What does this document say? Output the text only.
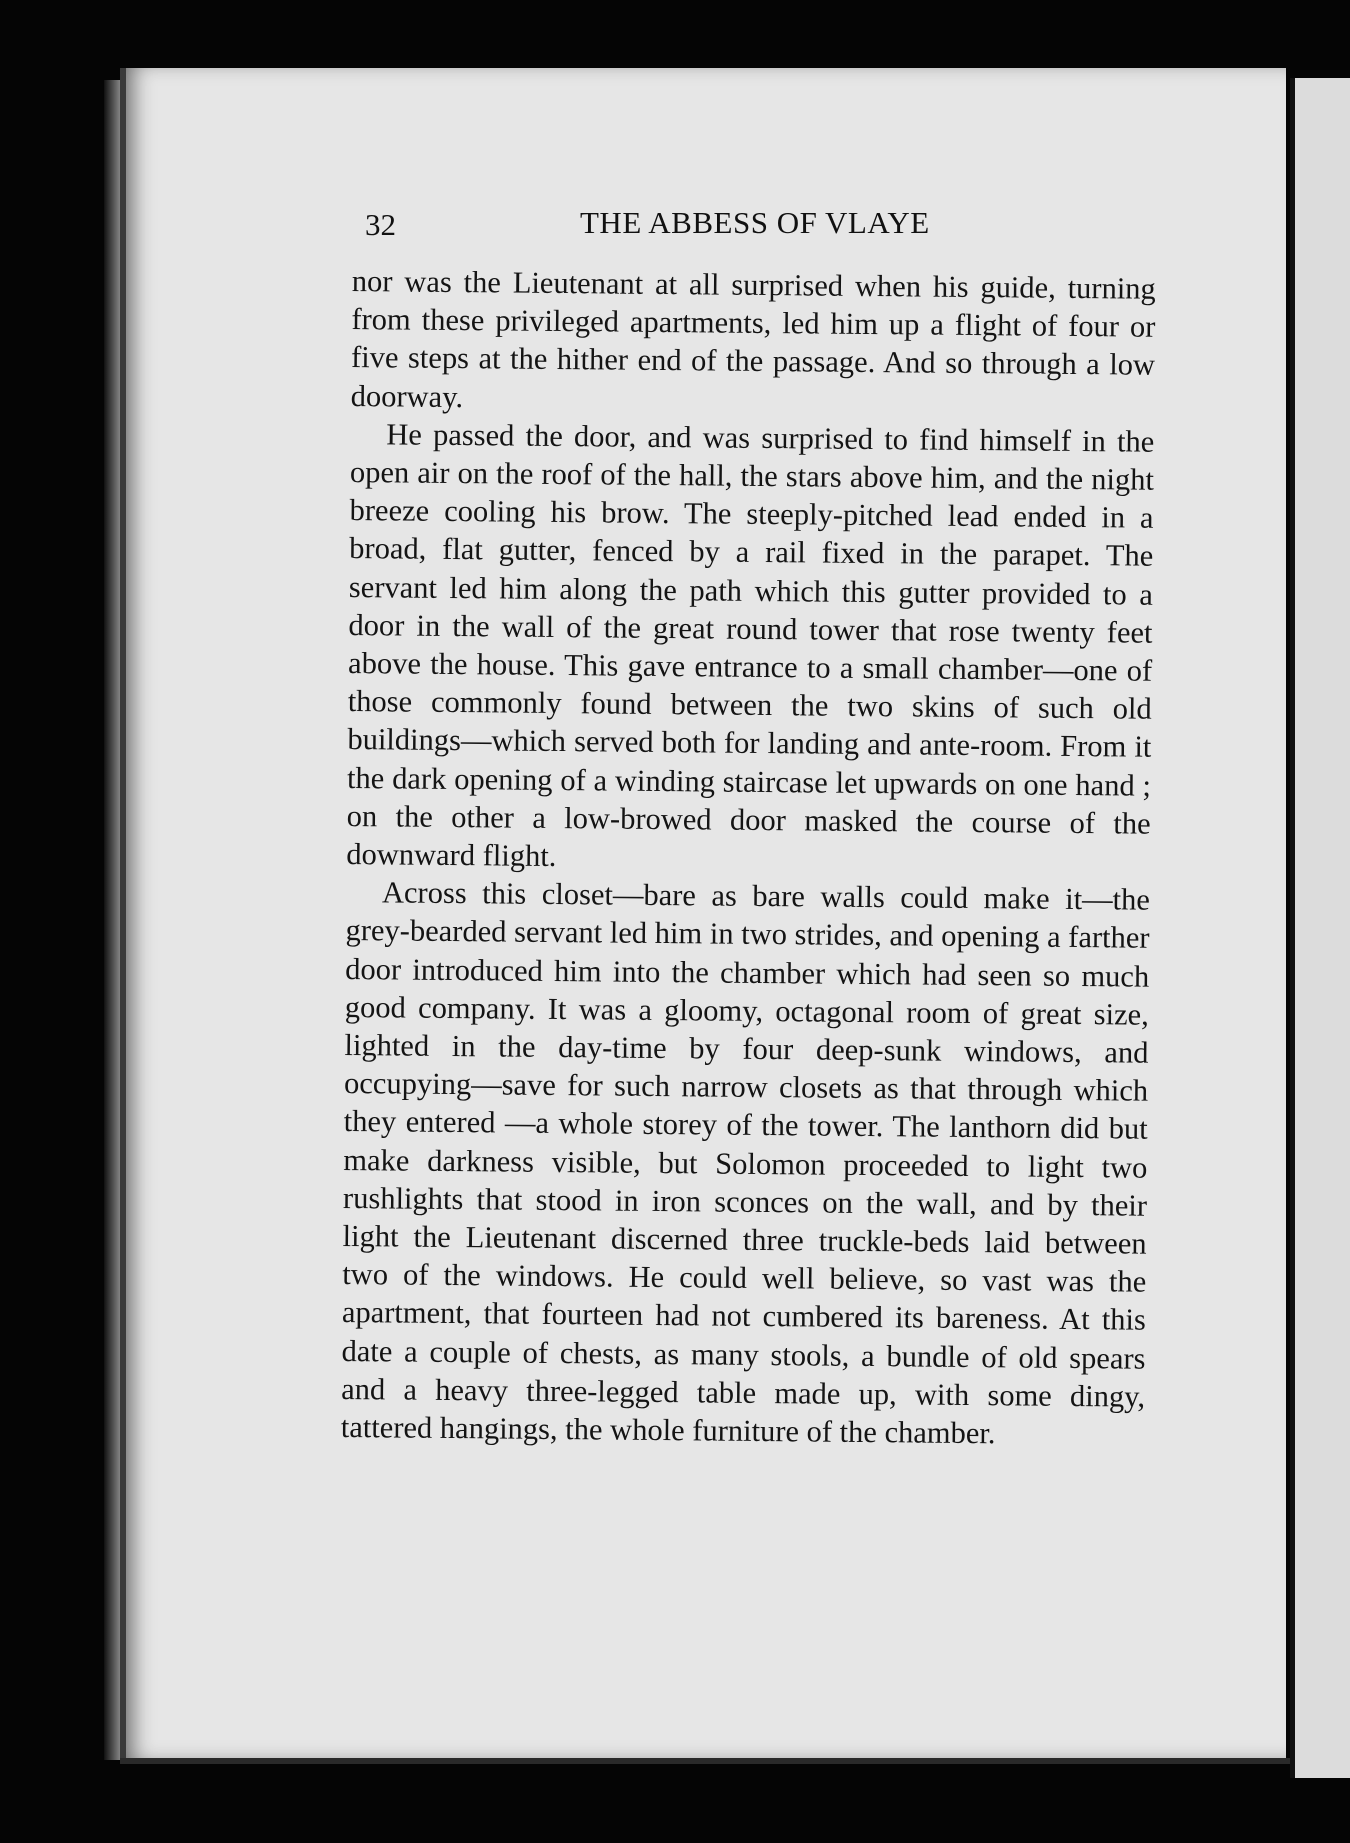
32	THE ABBESS OF VLAYE

nor was the Lieutenant at all surprised when his guide, turning from these privileged apartments, led him up a flight of four or five steps at the hither end of the passage. And so through a low doorway.

He passed the door, and was surprised to find himself in the open air on the roof of the hall, the stars above him, and the night breeze cooling his brow. The steeply-pitched lead ended in a broad, flat gutter, fenced by a rail fixed in the parapet. The servant led him along the path which this gutter provided to a door in the wall of the great round tower that rose twenty feet above the house. This gave entrance to a small chamber—one of those commonly found between the two skins of such old buildings—which served both for landing and ante-room. From it the dark opening of a winding staircase let upwards on one hand ; on the other a low-browed door masked the course of the downward flight.

Across this closet—bare as bare walls could make it—the grey-bearded servant led him in two strides, and opening a farther door introduced him into the chamber which had seen so much good company. It was a gloomy, octagonal room of great size, lighted in the day-time by four deep-sunk windows, and occupying—save for such narrow closets as that through which they entered —a whole storey of the tower. The lanthorn did but make darkness visible, but Solomon proceeded to light two rushlights that stood in iron sconces on the wall, and by their light the Lieutenant discerned three truckle-beds laid between two of the windows. He could well believe, so vast was the apartment, that fourteen had not cumbered its bareness. At this date a couple of chests, as many stools, a bundle of old spears and a heavy three-legged table made up, with some dingy, tattered hangings, the whole furniture of the chamber.
